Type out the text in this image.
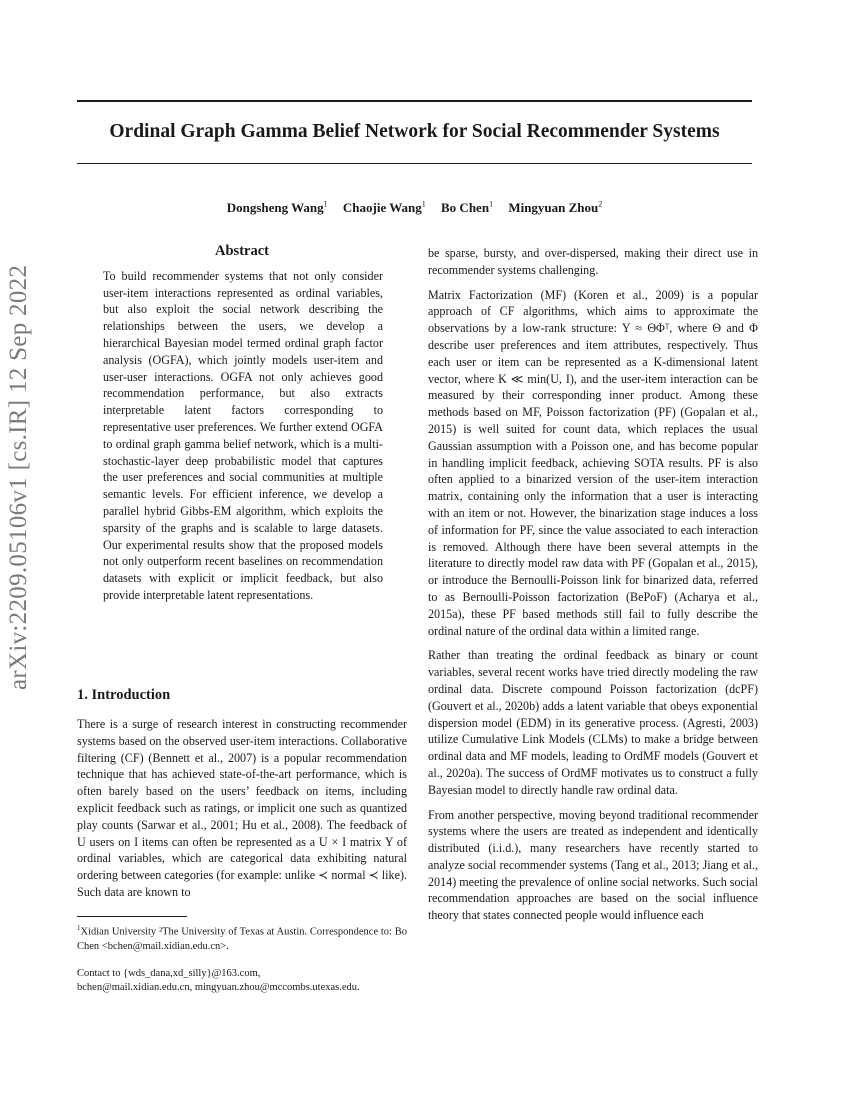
Ordinal Graph Gamma Belief Network for Social Recommender Systems
Dongsheng Wang$^1$ Chaojie Wang$^1$ Bo Chen$^1$ Mingyuan Zhou$^2$
arXiv:2209.05106v1 [cs.IR] 12 Sep 2022
Abstract

To build recommender systems that not only consider user-item interactions represented as ordinal variables, but also exploit the social network describing the relationships between the users, we develop a hierarchical Bayesian model termed ordinal graph factor analysis (OGFA), which jointly models user-item and user-user interactions. OGFA not only achieves good recommendation performance, but also extracts interpretable latent factors corresponding to representative user preferences. We further extend OGFA to ordinal graph gamma belief network, which is a multi-stochastic-layer deep probabilistic model that captures the user preferences and social communities at multiple semantic levels. For efficient inference, we develop a parallel hybrid Gibbs-EM algorithm, which exploits the sparsity of the graphs and is scalable to large datasets. Our experimental results show that the proposed models not only outperform recent baselines on recommendation datasets with explicit or implicit feedback, but also provide interpretable latent representations.

1. Introduction

There is a surge of research interest in constructing recommender systems based on the observed user-item interactions. Collaborative filtering (CF) (Bennett et al., 2007) is a popular recommendation technique that has achieved state-of-the-art performance, which is often barely based on the users’ feedback on items, including explicit feedback such as ratings, or implicit one such as quantized play counts (Sarwar et al., 2001; Hu et al., 2008). The feedback of U users on I items can often be represented as a U × I matrix Y of ordinal variables, which are categorical data exhibiting natural ordering between categories (for example: unlike ≺ normal ≺ like). Such data are known to

$^1$Xidian University ²The University of Texas at Austin. Correspondence to: Bo Chen <bchen@mail.xidian.edu.cn>.

Contact to {wds_dana,xd_silly}@163.com,
bchen@mail.xidian.edu.cn, mingyuan.zhou@mccombs.utexas.edu.

be sparse, bursty, and over-dispersed, making their direct use in recommender systems challenging.

Matrix Factorization (MF) (Koren et al., 2009) is a popular approach of CF algorithms, which aims to approximate the observations by a low-rank structure: Y ≈ ΘΦᵀ, where Θ and Φ describe user preferences and item attributes, respectively. Thus each user or item can be represented as a K-dimensional latent vector, where K ≪ min(U, I), and the user-item interaction can be measured by their corresponding inner product. Among these methods based on MF, Poisson factorization (PF) (Gopalan et al., 2015) is well suited for count data, which replaces the usual Gaussian assumption with a Poisson one, and has become popular in handling implicit feedback, achieving SOTA results. PF is also often applied to a binarized version of the user-item interaction matrix, containing only the information that a user is interacting with an item or not. However, the binarization stage induces a loss of information for PF, since the value associated to each interaction is removed. Although there have been several attempts in the literature to directly model raw data with PF (Gopalan et al., 2015), or introduce the Bernoulli-Poisson link for binarized data, referred to as Bernoulli-Poisson factorization (BePoF) (Acharya et al., 2015a), these PF based methods still fail to fully describe the ordinal nature of the ordinal data within a limited range.

Rather than treating the ordinal feedback as binary or count variables, several recent works have tried directly modeling the raw ordinal data. Discrete compound Poisson factorization (dcPF) (Gouvert et al., 2020b) adds a latent variable that obeys exponential dispersion model (EDM) in its generative process. (Agresti, 2003) utilize Cumulative Link Models (CLMs) to make a bridge between ordinal data and MF models, leading to OrdMF models (Gouvert et al., 2020a). The success of OrdMF motivates us to construct a fully Bayesian model to directly handle raw ordinal data.

From another perspective, moving beyond traditional recommender systems where the users are treated as independent and identically distributed (i.i.d.), many researchers have recently started to analyze social recommender systems (Tang et al., 2013; Jiang et al., 2014) meeting the prevalence of online social networks. Such social recommendation approaches are based on the social influence theory that states connected people would influence each
